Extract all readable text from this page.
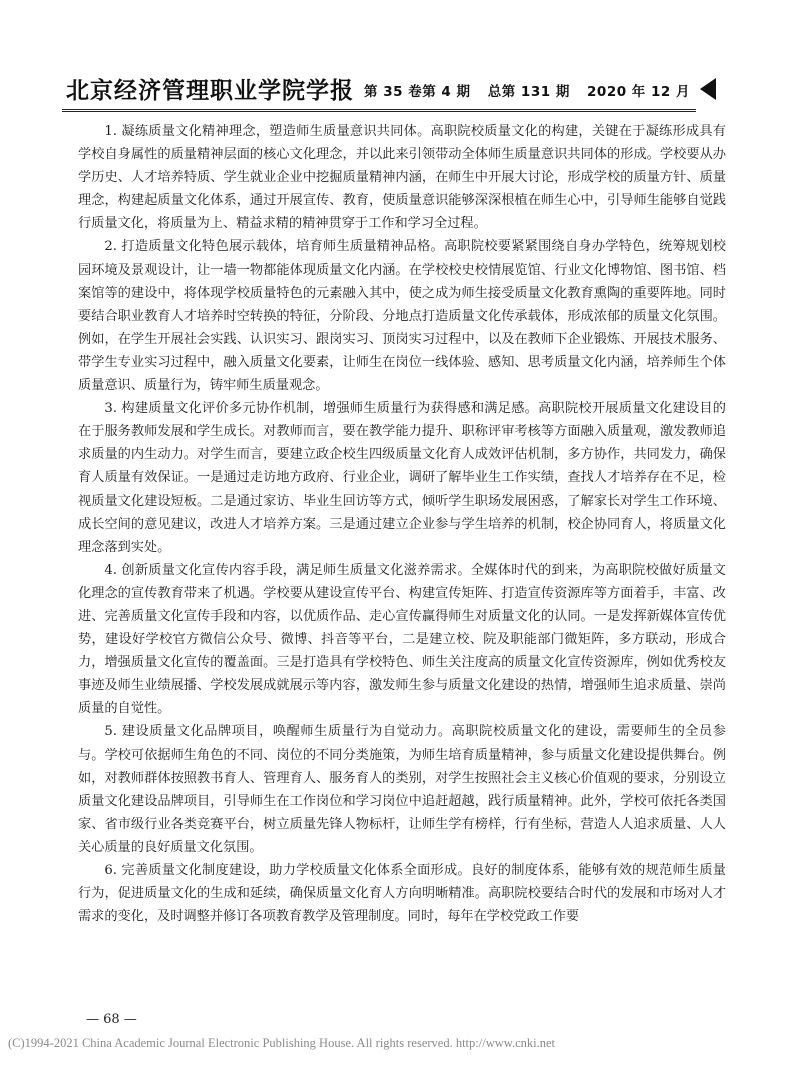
北京经济管理职业学院学报 第 35 卷第 4 期 总第 131 期 2020 年 12 月

1. 凝练质量文化精神理念，塑造师生质量意识共同体。高职院校质量文化的构建，关键在于凝练形成具有学校自身属性的质量精神层面的核心文化理念，并以此来引领带动全体师生质量意识共同体的形成。学校要从办学历史、人才培养特质、学生就业企业中挖掘质量精神内涵，在师生中开展大讨论，形成学校的质量方针、质量理念，构建起质量文化体系，通过开展宣传、教育，使质量意识能够深深根植在师生心中，引导师生能够自觉践行质量文化，将质量为上、精益求精的精神贯穿于工作和学习全过程。

2. 打造质量文化特色展示载体，培育师生质量精神品格。高职院校要紧紧围绕自身办学特色，统筹规划校园环境及景观设计，让一墙一物都能体现质量文化内涵。在学校校史校情展览馆、行业文化博物馆、图书馆、档案馆等的建设中，将体现学校质量特色的元素融入其中，使之成为师生接受质量文化教育熏陶的重要阵地。同时要结合职业教育人才培养时空转换的特征，分阶段、分地点打造质量文化传承载体，形成浓郁的质量文化氛围。例如，在学生开展社会实践、认识实习、跟岗实习、顶岗实习过程中，以及在教师下企业锻炼、开展技术服务、带学生专业实习过程中，融入质量文化要素，让师生在岗位一线体验、感知、思考质量文化内涵，培养师生个体质量意识、质量行为，铸牢师生质量观念。

3. 构建质量文化评价多元协作机制，增强师生质量行为获得感和满足感。高职院校开展质量文化建设目的在于服务教师发展和学生成长。对教师而言，要在教学能力提升、职称评审考核等方面融入质量观，激发教师追求质量的内生动力。对学生而言，要建立政企校生四级质量文化育人成效评估机制，多方协作，共同发力，确保育人质量有效保证。一是通过走访地方政府、行业企业，调研了解毕业生工作实绩，查找人才培养存在不足，检视质量文化建设短板。二是通过家访、毕业生回访等方式，倾听学生职场发展困惑，了解家长对学生工作环境、成长空间的意见建议，改进人才培养方案。三是通过建立企业参与学生培养的机制，校企协同育人，将质量文化理念落到实处。

4. 创新质量文化宣传内容手段，满足师生质量文化滋养需求。全媒体时代的到来，为高职院校做好质量文化理念的宣传教育带来了机遇。学校要从建设宣传平台、构建宣传矩阵、打造宣传资源库等方面着手，丰富、改进、完善质量文化宣传手段和内容，以优质作品、走心宣传赢得师生对质量文化的认同。一是发挥新媒体宣传优势，建设好学校官方微信公众号、微博、抖音等平台，二是建立校、院及职能部门微矩阵，多方联动，形成合力，增强质量文化宣传的覆盖面。三是打造具有学校特色、师生关注度高的质量文化宣传资源库，例如优秀校友事迹及师生业绩展播、学校发展成就展示等内容，激发师生参与质量文化建设的热情，增强师生追求质量、崇尚质量的自觉性。

5. 建设质量文化品牌项目，唤醒师生质量行为自觉动力。高职院校质量文化的建设，需要师生的全员参与。学校可依据师生角色的不同、岗位的不同分类施策，为师生培育质量精神，参与质量文化建设提供舞台。例如，对教师群体按照教书育人、管理育人、服务育人的类别，对学生按照社会主义核心价值观的要求，分别设立质量文化建设品牌项目，引导师生在工作岗位和学习岗位中追赶超越，践行质量精神。此外，学校可依托各类国家、省市级行业各类竞赛平台，树立质量先锋人物标杆，让师生学有榜样，行有坐标，营造人人追求质量、人人关心质量的良好质量文化氛围。

6. 完善质量文化制度建设，助力学校质量文化体系全面形成。良好的制度体系，能够有效的规范师生质量行为，促进质量文化的生成和延续，确保质量文化育人方向明晰精准。高职院校要结合时代的发展和市场对人才需求的变化，及时调整并修订各项教育教学及管理制度。同时，每年在学校党政工作要

— 68 —
(C)1994-2021 China Academic Journal Electronic Publishing House. All rights reserved. http://www.cnki.net
